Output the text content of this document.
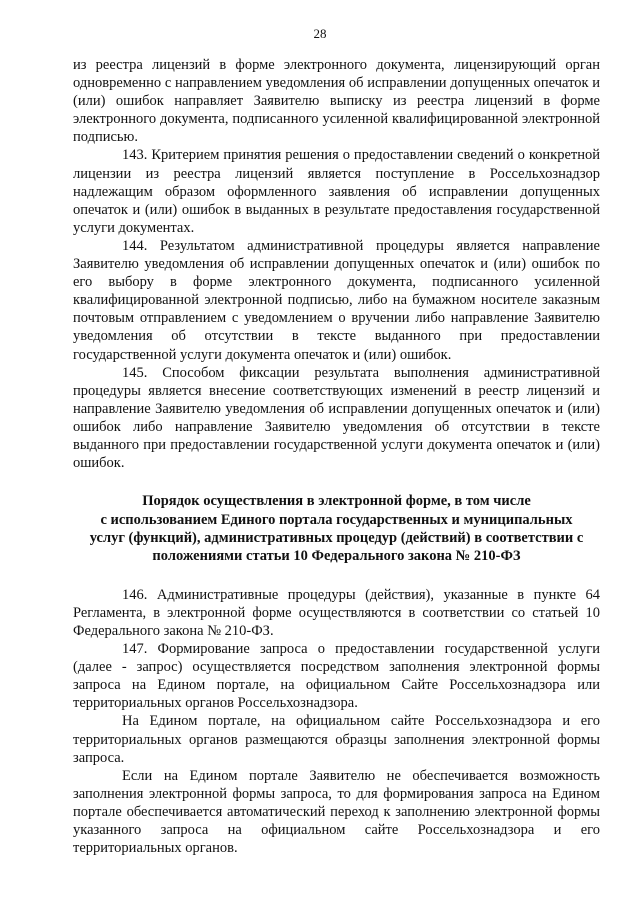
28

из реестра лицензий в форме электронного документа, лицензирующий орган одновременно с направлением уведомления об исправлении допущенных опечаток и (или) ошибок направляет Заявителю выписку из реестра лицензий в форме электронного документа, подписанного усиленной квалифицированной электронной подписью.

143. Критерием принятия решения о предоставлении сведений о конкретной лицензии из реестра лицензий является поступление в Россельхознадзор надлежащим образом оформленного заявления об исправлении допущенных опечаток и (или) ошибок в выданных в результате предоставления государственной услуги документах.

144. Результатом административной процедуры является направление Заявителю уведомления об исправлении допущенных опечаток и (или) ошибок по его выбору в форме электронного документа, подписанного усиленной квалифицированной электронной подписью, либо на бумажном носителе заказным почтовым отправлением с уведомлением о вручении либо направление Заявителю уведомления об отсутствии в тексте выданного при предоставлении государственной услуги документа опечаток и (или) ошибок.

145. Способом фиксации результата выполнения административной процедуры является внесение соответствующих изменений в реестр лицензий и направление Заявителю уведомления об исправлении допущенных опечаток и (или) ошибок либо направление Заявителю уведомления об отсутствии в тексте выданного при предоставлении государственной услуги документа опечаток и (или) ошибок.

Порядок осуществления в электронной форме, в том числе
с использованием Единого портала государственных и муниципальных
услуг (функций), административных процедур (действий) в соответствии с
положениями статьи 10 Федерального закона № 210-ФЗ

146. Административные процедуры (действия), указанные в пункте 64 Регламента, в электронной форме осуществляются в соответствии со статьей 10 Федерального закона № 210-ФЗ.

147. Формирование запроса о предоставлении государственной услуги (далее - запрос) осуществляется посредством заполнения электронной формы запроса на Едином портале, на официальном Сайте Россельхознадзора или территориальных органов Россельхознадзора.

На Едином портале, на официальном сайте Россельхознадзора и его территориальных органов размещаются образцы заполнения электронной формы запроса.

Если на Едином портале Заявителю не обеспечивается возможность заполнения электронной формы запроса, то для формирования запроса на Едином портале обеспечивается автоматический переход к заполнению электронной формы указанного запроса на официальном сайте Россельхознадзора и его территориальных органов.
